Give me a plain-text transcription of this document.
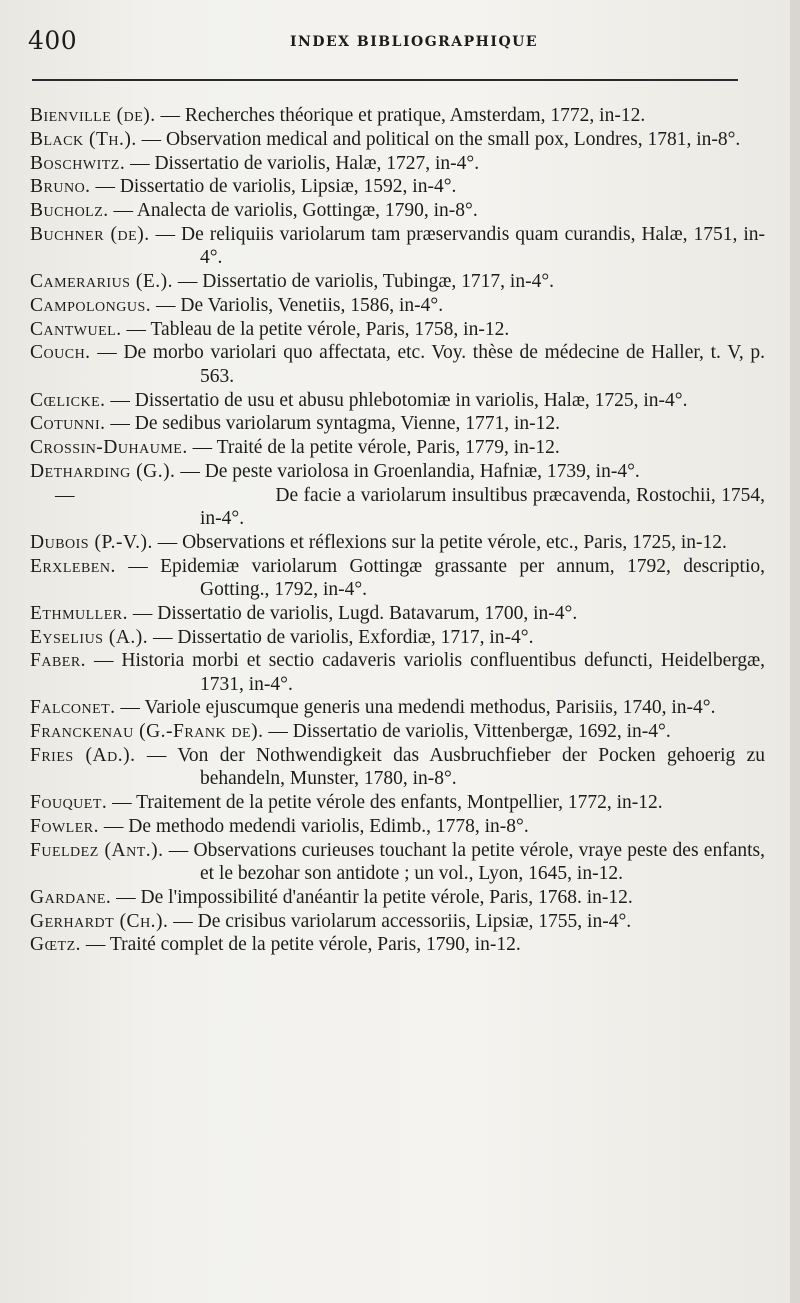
400	INDEX BIBLIOGRAPHIQUE
Bienville (de). — Recherches théorique et pratique, Amsterdam, 1772, in-12.
Black (Th.). — Observation medical and political on the small pox, Londres, 1781, in-8°.
Boschwitz. — Dissertatio de variolis, Halæ, 1727, in-4°.
Bruno. — Dissertatio de variolis, Lipsiæ, 1592, in-4°.
Bucholz. — Analecta de variolis, Gottingæ, 1790, in-8°.
Buchner (de). — De reliquiis variolarum tam præservandis quam curandis, Halæ, 1751, in-4°.
Camerarius (E.). — Dissertatio de variolis, Tubingæ, 1717, in-4°.
Campolongus. — De Variolis, Venetiis, 1586, in-4°.
Cantwuel. — Tableau de la petite vérole, Paris, 1758, in-12.
Couch. — De morbo variolari quo affectata, etc. Voy. thèse de médecine de Haller, t. V, p. 563.
Cœlicke. — Dissertatio de usu et abusu phlebotomiæ in variolis, Halæ, 1725, in-4°.
Cotunni. — De sedibus variolarum syntagma, Vienne, 1771, in-12.
Crossin-Duhaume. — Traité de la petite vérole, Paris, 1779, in-12.
Detharding (G.). — De peste variolosa in Groenlandia, Hafniæ, 1739, in-4°.
—	De facie a variolarum insultibus præcavenda, Rostochii, 1754, in-4°.
Dubois (P.-V.). — Observations et réflexions sur la petite vérole, etc., Paris, 1725, in-12.
Erxleben. — Epidemiæ variolarum Gottingæ grassante per annum, 1792, descriptio, Gotting., 1792, in-4°.
Ethmuller. — Dissertatio de variolis, Lugd. Batavarum, 1700, in-4°.
Eyselius (A.). — Dissertatio de variolis, Exfordiæ, 1717, in-4°.
Faber. — Historia morbi et sectio cadaveris variolis confluentibus defuncti, Heidelbergæ, 1731, in-4°.
Falconet. — Variole ejuscumque generis una medendi methodus, Parisiis, 1740, in-4°.
Franckenau (G.-Frank de). — Dissertatio de variolis, Vittenbergæ, 1692, in-4°.
Fries (Ad.). — Von der Nothwendigkeit das Ausbruchfieber der Pocken gehoerig zu behandeln, Munster, 1780, in-8°.
Fouquet. — Traitement de la petite vérole des enfants, Montpellier, 1772, in-12.
Fowler. — De methodo medendi variolis, Edimb., 1778, in-8°.
Fueldez (Ant.). — Observations curieuses touchant la petite vérole, vraye peste des enfants, et le bezohar son antidote ; un vol., Lyon, 1645, in-12.
Gardane. — De l'impossibilité d'anéantir la petite vérole, Paris, 1768. in-12.
Gerhardt (Ch.). — De crisibus variolarum accessoriis, Lipsiæ, 1755, in-4°.
Gœtz. — Traité complet de la petite vérole, Paris, 1790, in-12.
